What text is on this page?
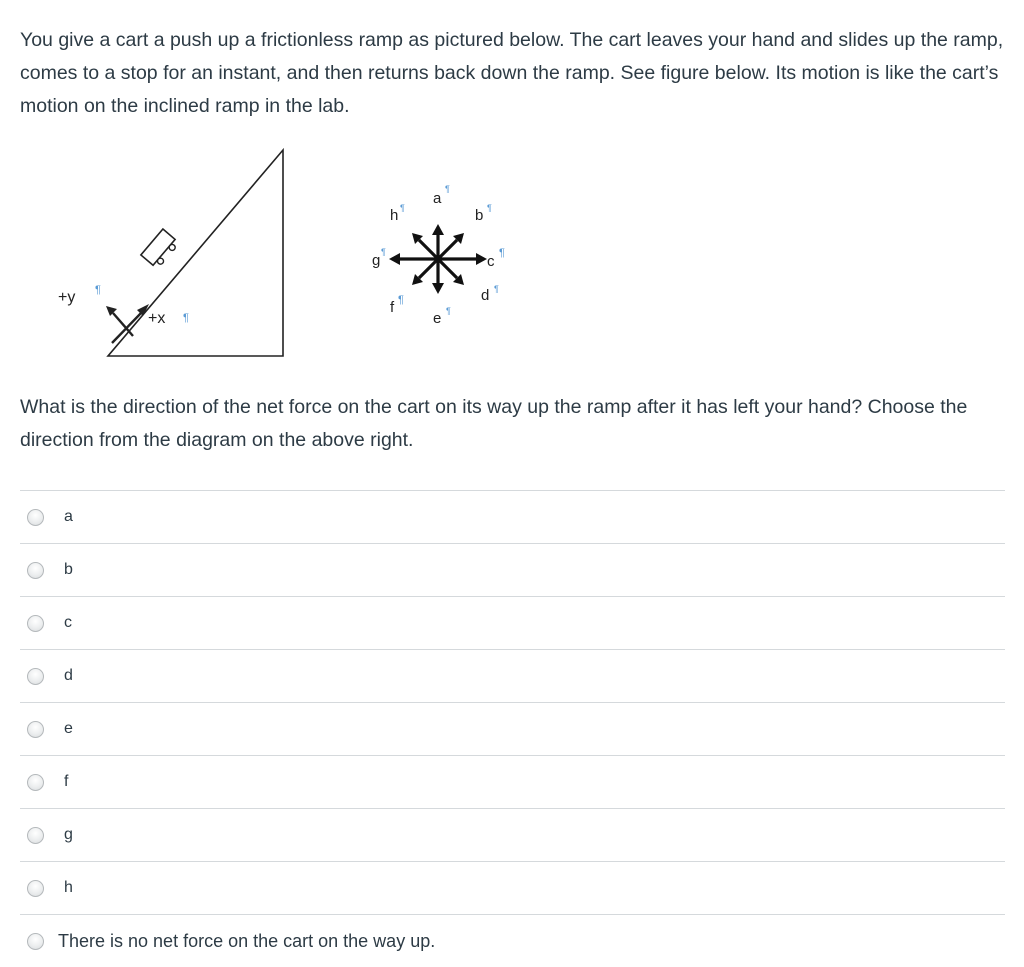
You give a cart a push up a frictionless ramp as pictured below. The cart leaves your hand and slides up the ramp, comes to a stop for an instant, and then returns back down the ramp. See figure below. Its motion is like the cart’s motion on the inclined ramp in the lab.

+y ¶
+x ¶
a
¶
b ¶
c ¶
d ¶
e ¶
f ¶
g ¶
h ¶

What is the direction of the net force on the cart on its way up the ramp after it has left your hand? Choose the direction from the diagram on the above right.

a
b
c
d
e
f
g
h
There is no net force on the cart on the way up.
